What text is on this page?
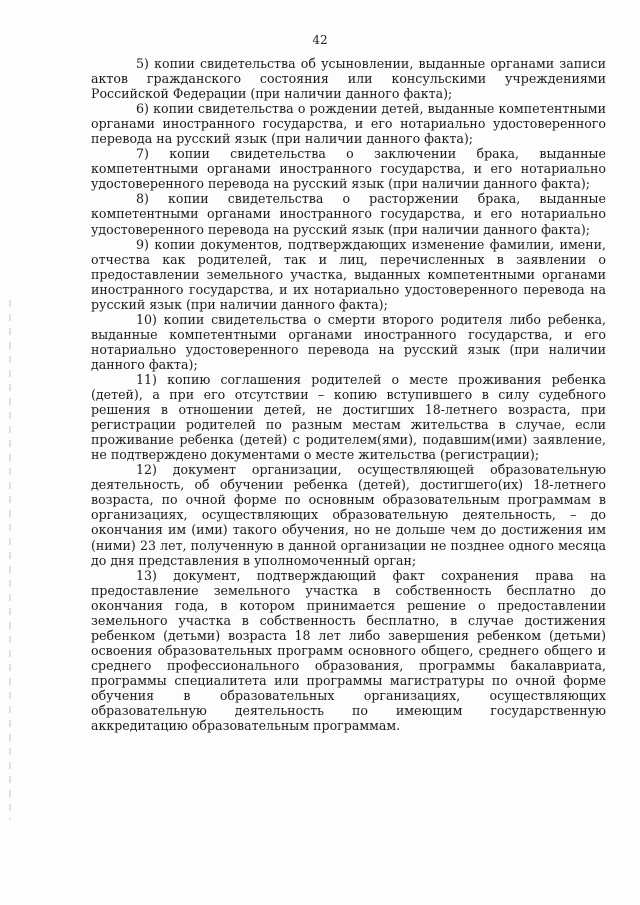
42

5) копии свидетельства об усыновлении, выданные органами записи актов гражданского состояния или консульскими учреждениями Российской Федерации (при наличии данного факта);

6) копии свидетельства о рождении детей, выданные компетентными органами иностранного государства, и его нотариально удостоверенного перевода на русский язык (при наличии данного факта);

7) копии свидетельства о заключении брака, выданные компетентными органами иностранного государства, и его нотариально удостоверенного перевода на русский язык (при наличии данного факта);

8) копии свидетельства о расторжении брака, выданные компетентными органами иностранного государства, и его нотариально удостоверенного перевода на русский язык (при наличии данного факта);

9) копии документов, подтверждающих изменение фамилии, имени, отчества как родителей, так и лиц, перечисленных в заявлении о предоставлении земельного участка, выданных компетентными органами иностранного государства, и их нотариально удостоверенного перевода на русский язык (при наличии данного факта);

10) копии свидетельства о смерти второго родителя либо ребенка, выданные компетентными органами иностранного государства, и его нотариально удостоверенного перевода на русский язык (при наличии данного факта);

11) копию соглашения родителей о месте проживания ребенка (детей), а при его отсутствии – копию вступившего в силу судебного решения в отношении детей, не достигших 18-летнего возраста, при регистрации родителей по разным местам жительства в случае, если проживание ребенка (детей) с родителем(ями), подавшим(ими) заявление, не подтверждено документами о месте жительства (регистрации);

12) документ организации, осуществляющей образовательную деятельность, об обучении ребенка (детей), достигшего(их) 18-летнего возраста, по очной форме по основным образовательным программам в организациях, осуществляющих образовательную деятельность, – до окончания им (ими) такого обучения, но не дольше чем до достижения им (ними) 23 лет, полученную в данной организации не позднее одного месяца до дня представления в уполномоченный орган;

13) документ, подтверждающий факт сохранения права на предоставление земельного участка в собственность бесплатно до окончания года, в котором принимается решение о предоставлении земельного участка в собственность бесплатно, в случае достижения ребенком (детьми) возраста 18 лет либо завершения ребенком (детьми) освоения образовательных программ основного общего, среднего общего и среднего профессионального образования, программы бакалавриата, программы специалитета или программы магистратуры по очной форме обучения в образовательных организациях, осуществляющих образовательную деятельность по имеющим государственную аккредитацию образовательным программам.
